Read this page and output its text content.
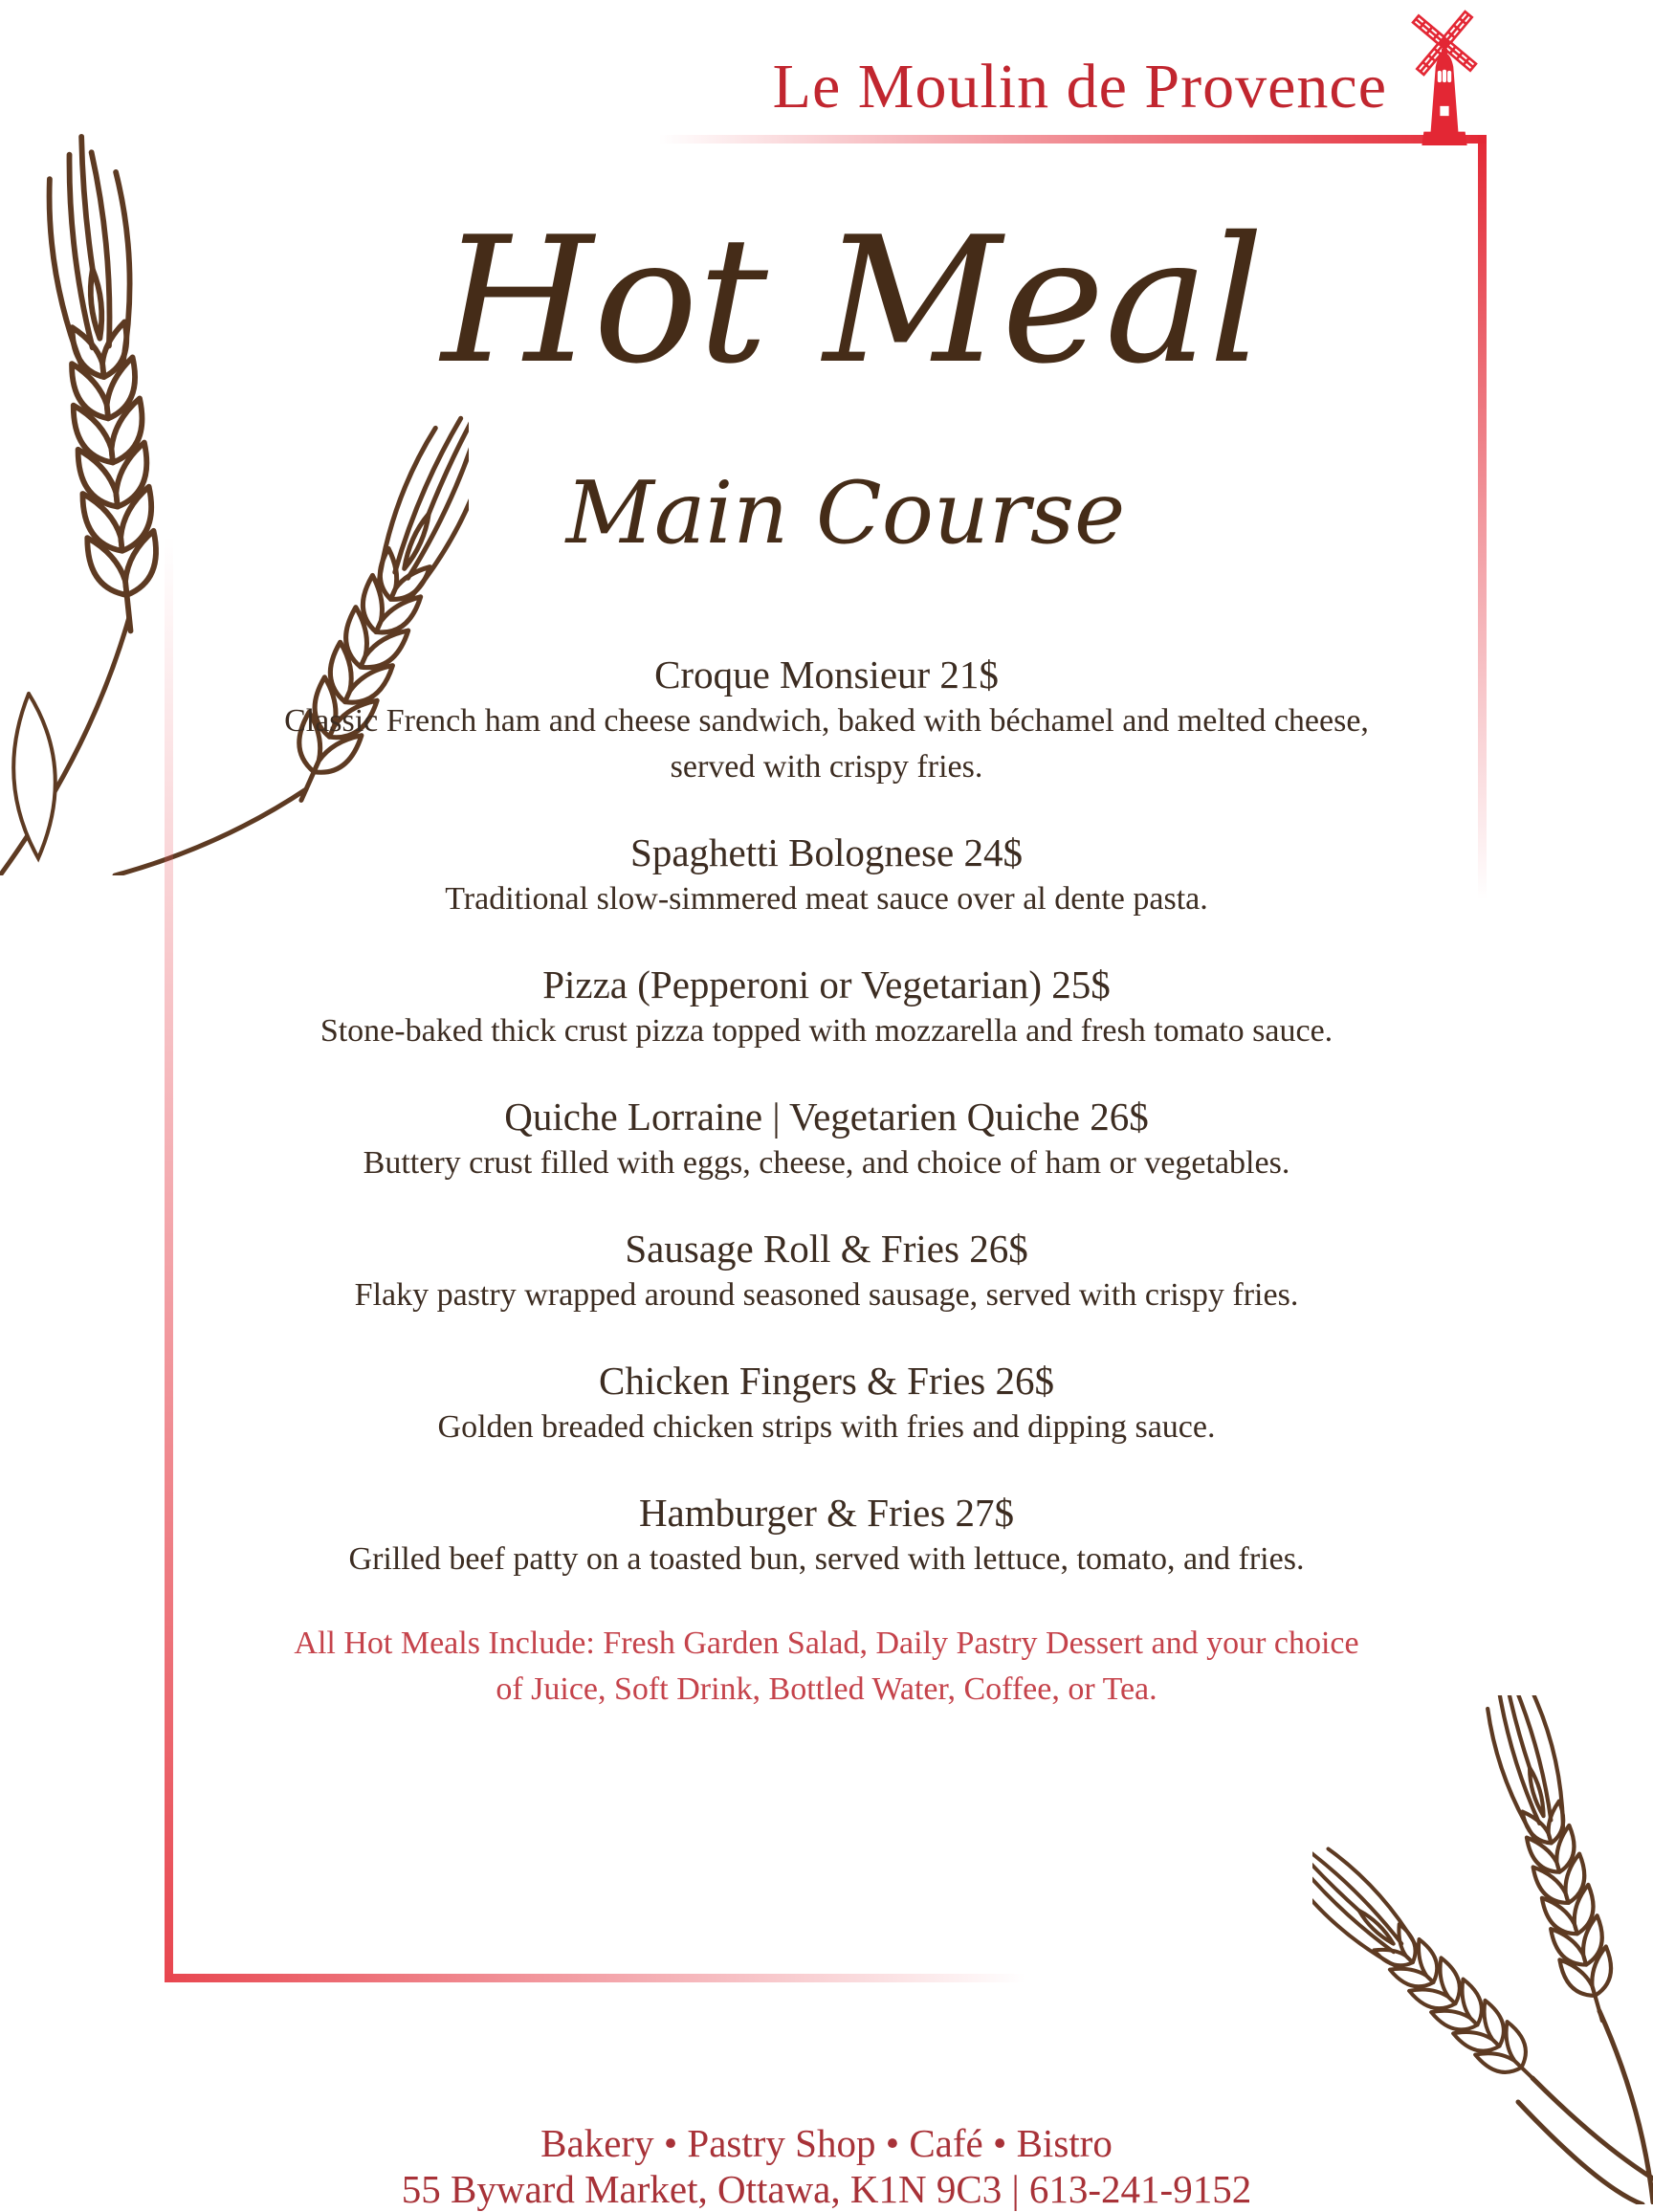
Le Moulin de Provence
Hot Meal
Main Course
Croque Monsieur 21$
Classic French ham and cheese sandwich, baked with béchamel and melted cheese, served with crispy fries.
Spaghetti Bolognese 24$
Traditional slow-simmered meat sauce over al dente pasta.
Pizza (Pepperoni or Vegetarian) 25$
Stone-baked thick crust pizza topped with mozzarella and fresh tomato sauce.
Quiche Lorraine | Vegetarien Quiche 26$
Buttery crust filled with eggs, cheese, and choice of ham or vegetables.
Sausage Roll & Fries 26$
Flaky pastry wrapped around seasoned sausage, served with crispy fries.
Chicken Fingers & Fries 26$
Golden breaded chicken strips with fries and dipping sauce.
Hamburger & Fries 27$
Grilled beef patty on a toasted bun, served with lettuce, tomato, and fries.
All Hot Meals Include: Fresh Garden Salad, Daily Pastry Dessert and your choice of Juice, Soft Drink, Bottled Water, Coffee, or Tea.
Bakery • Pastry Shop • Café • Bistro
55 Byward Market, Ottawa, K1N 9C3 | 613-241-9152
